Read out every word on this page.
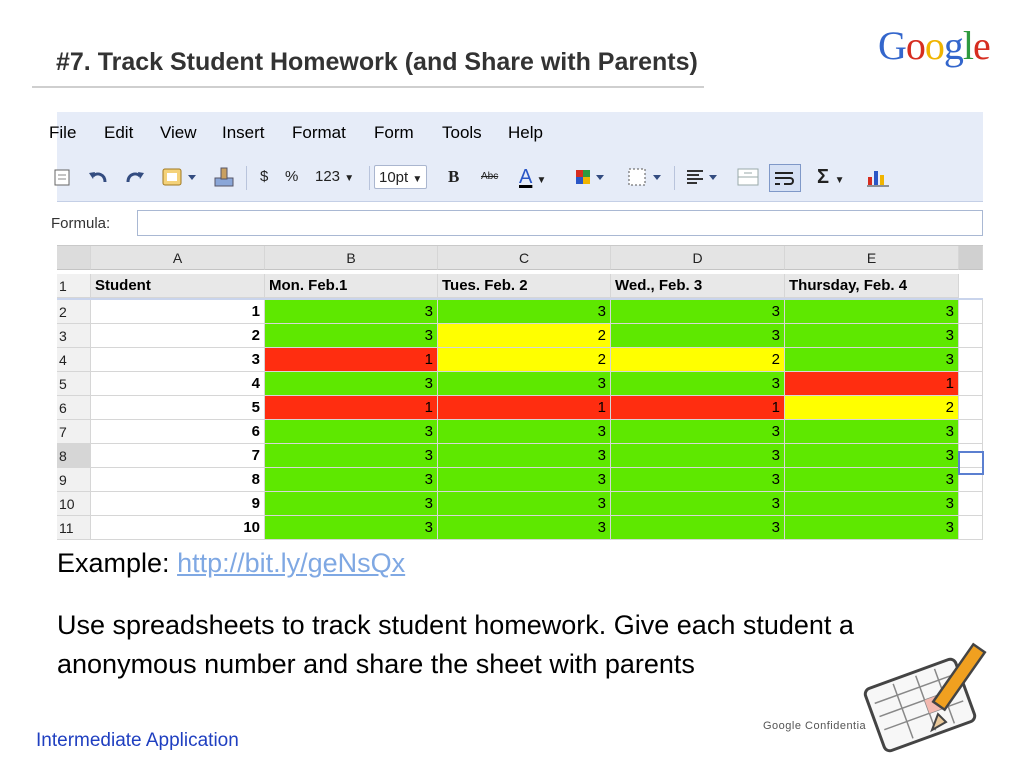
#7. Track Student Homework (and Share with Parents)	Google
File Edit View Insert Format Form Tools Help
$ % 123 ▼	10pt ▼ B Abc A ▼	Σ ▼
Formula:
A	B	C	D	E
1	Student	Mon. Feb.1	Tues. Feb. 2	Wed., Feb. 3	Thursday, Feb. 4
2	1	3	3	3	3
3	2	3	2	3	3
4	3	1	2	2	3
5	4	3	3	3	1
6	5	1	1	1	2
7	6	3	3	3	3
8	7	3	3	3	3
9	8	3	3	3	3
10	9	3	3	3	3
11	10	3	3	3	3
Example: http://bit.ly/geNsQx
Use spreadsheets to track student homework. Give each student a anonymous number and share the sheet with parents
Google Confidentia
Intermediate Application
